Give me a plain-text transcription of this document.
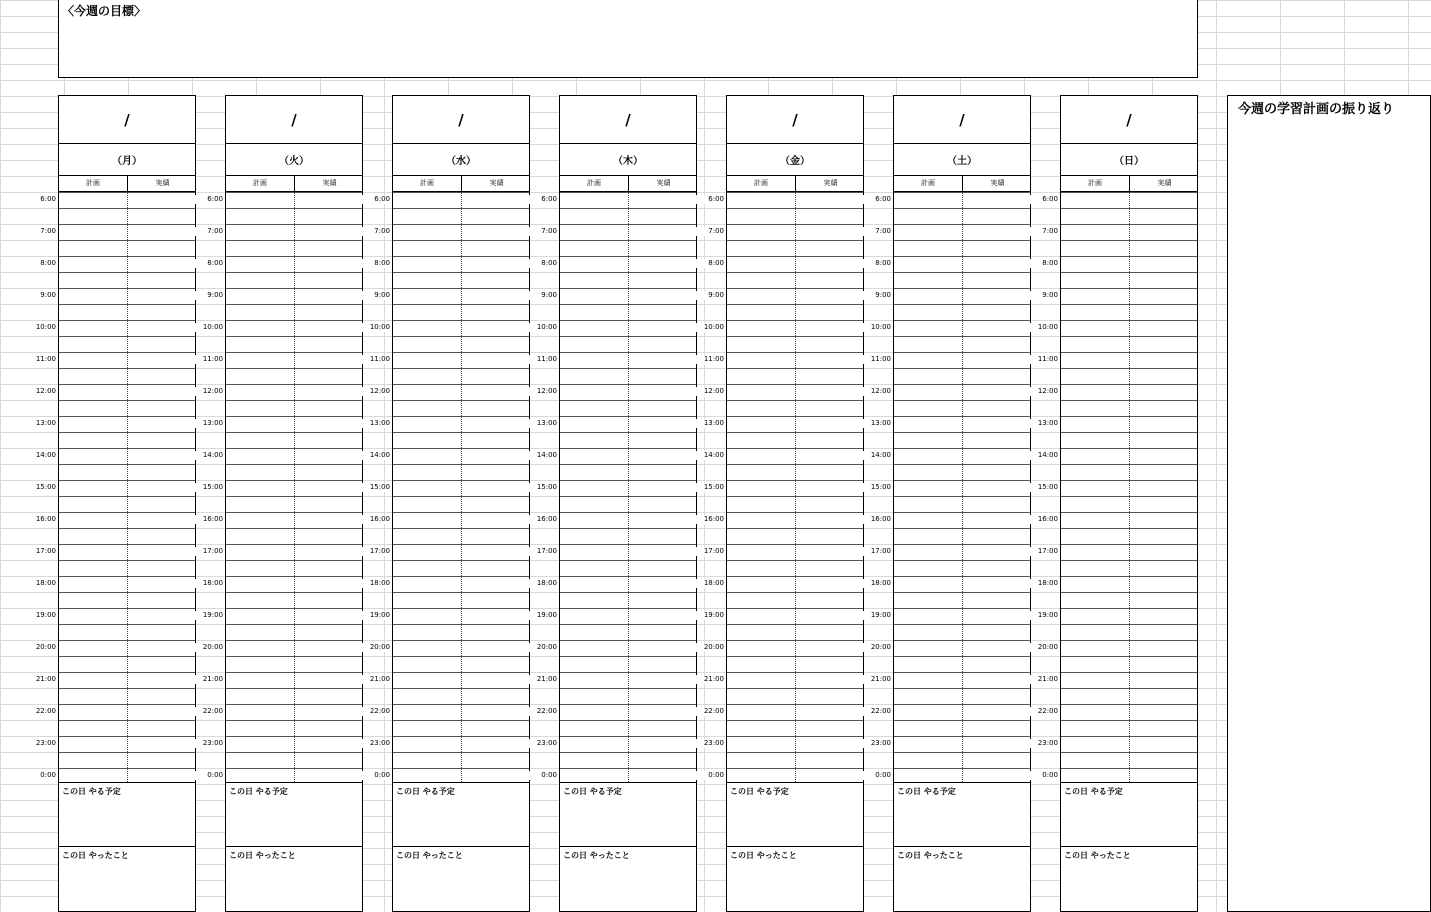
〈今週の目標〉
/
（月）
計画	実績
この日 やる予定
この日 やったこと
6:00
7:00
8:00
9:00
10:00
11:00
12:00
13:00
14:00
15:00
16:00
17:00
18:00
19:00
20:00
21:00
22:00
23:00
0:00
/
（火）
計画	実績
この日 やる予定
この日 やったこと
6:00
7:00
8:00
9:00
10:00
11:00
12:00
13:00
14:00
15:00
16:00
17:00
18:00
19:00
20:00
21:00
22:00
23:00
0:00
/
（水）
計画	実績
この日 やる予定
この日 やったこと
6:00
7:00
8:00
9:00
10:00
11:00
12:00
13:00
14:00
15:00
16:00
17:00
18:00
19:00
20:00
21:00
22:00
23:00
0:00
/
（木）
計画	実績
この日 やる予定
この日 やったこと
6:00
7:00
8:00
9:00
10:00
11:00
12:00
13:00
14:00
15:00
16:00
17:00
18:00
19:00
20:00
21:00
22:00
23:00
0:00
/
（金）
計画	実績
この日 やる予定
この日 やったこと
6:00
7:00
8:00
9:00
10:00
11:00
12:00
13:00
14:00
15:00
16:00
17:00
18:00
19:00
20:00
21:00
22:00
23:00
0:00
/
（土）
計画	実績
この日 やる予定
この日 やったこと
6:00
7:00
8:00
9:00
10:00
11:00
12:00
13:00
14:00
15:00
16:00
17:00
18:00
19:00
20:00
21:00
22:00
23:00
0:00
/
（日）
計画	実績
この日 やる予定
この日 やったこと
6:00
7:00
8:00
9:00
10:00
11:00
12:00
13:00
14:00
15:00
16:00
17:00
18:00
19:00
20:00
21:00
22:00
23:00
0:00
今週の学習計画の振り返り
